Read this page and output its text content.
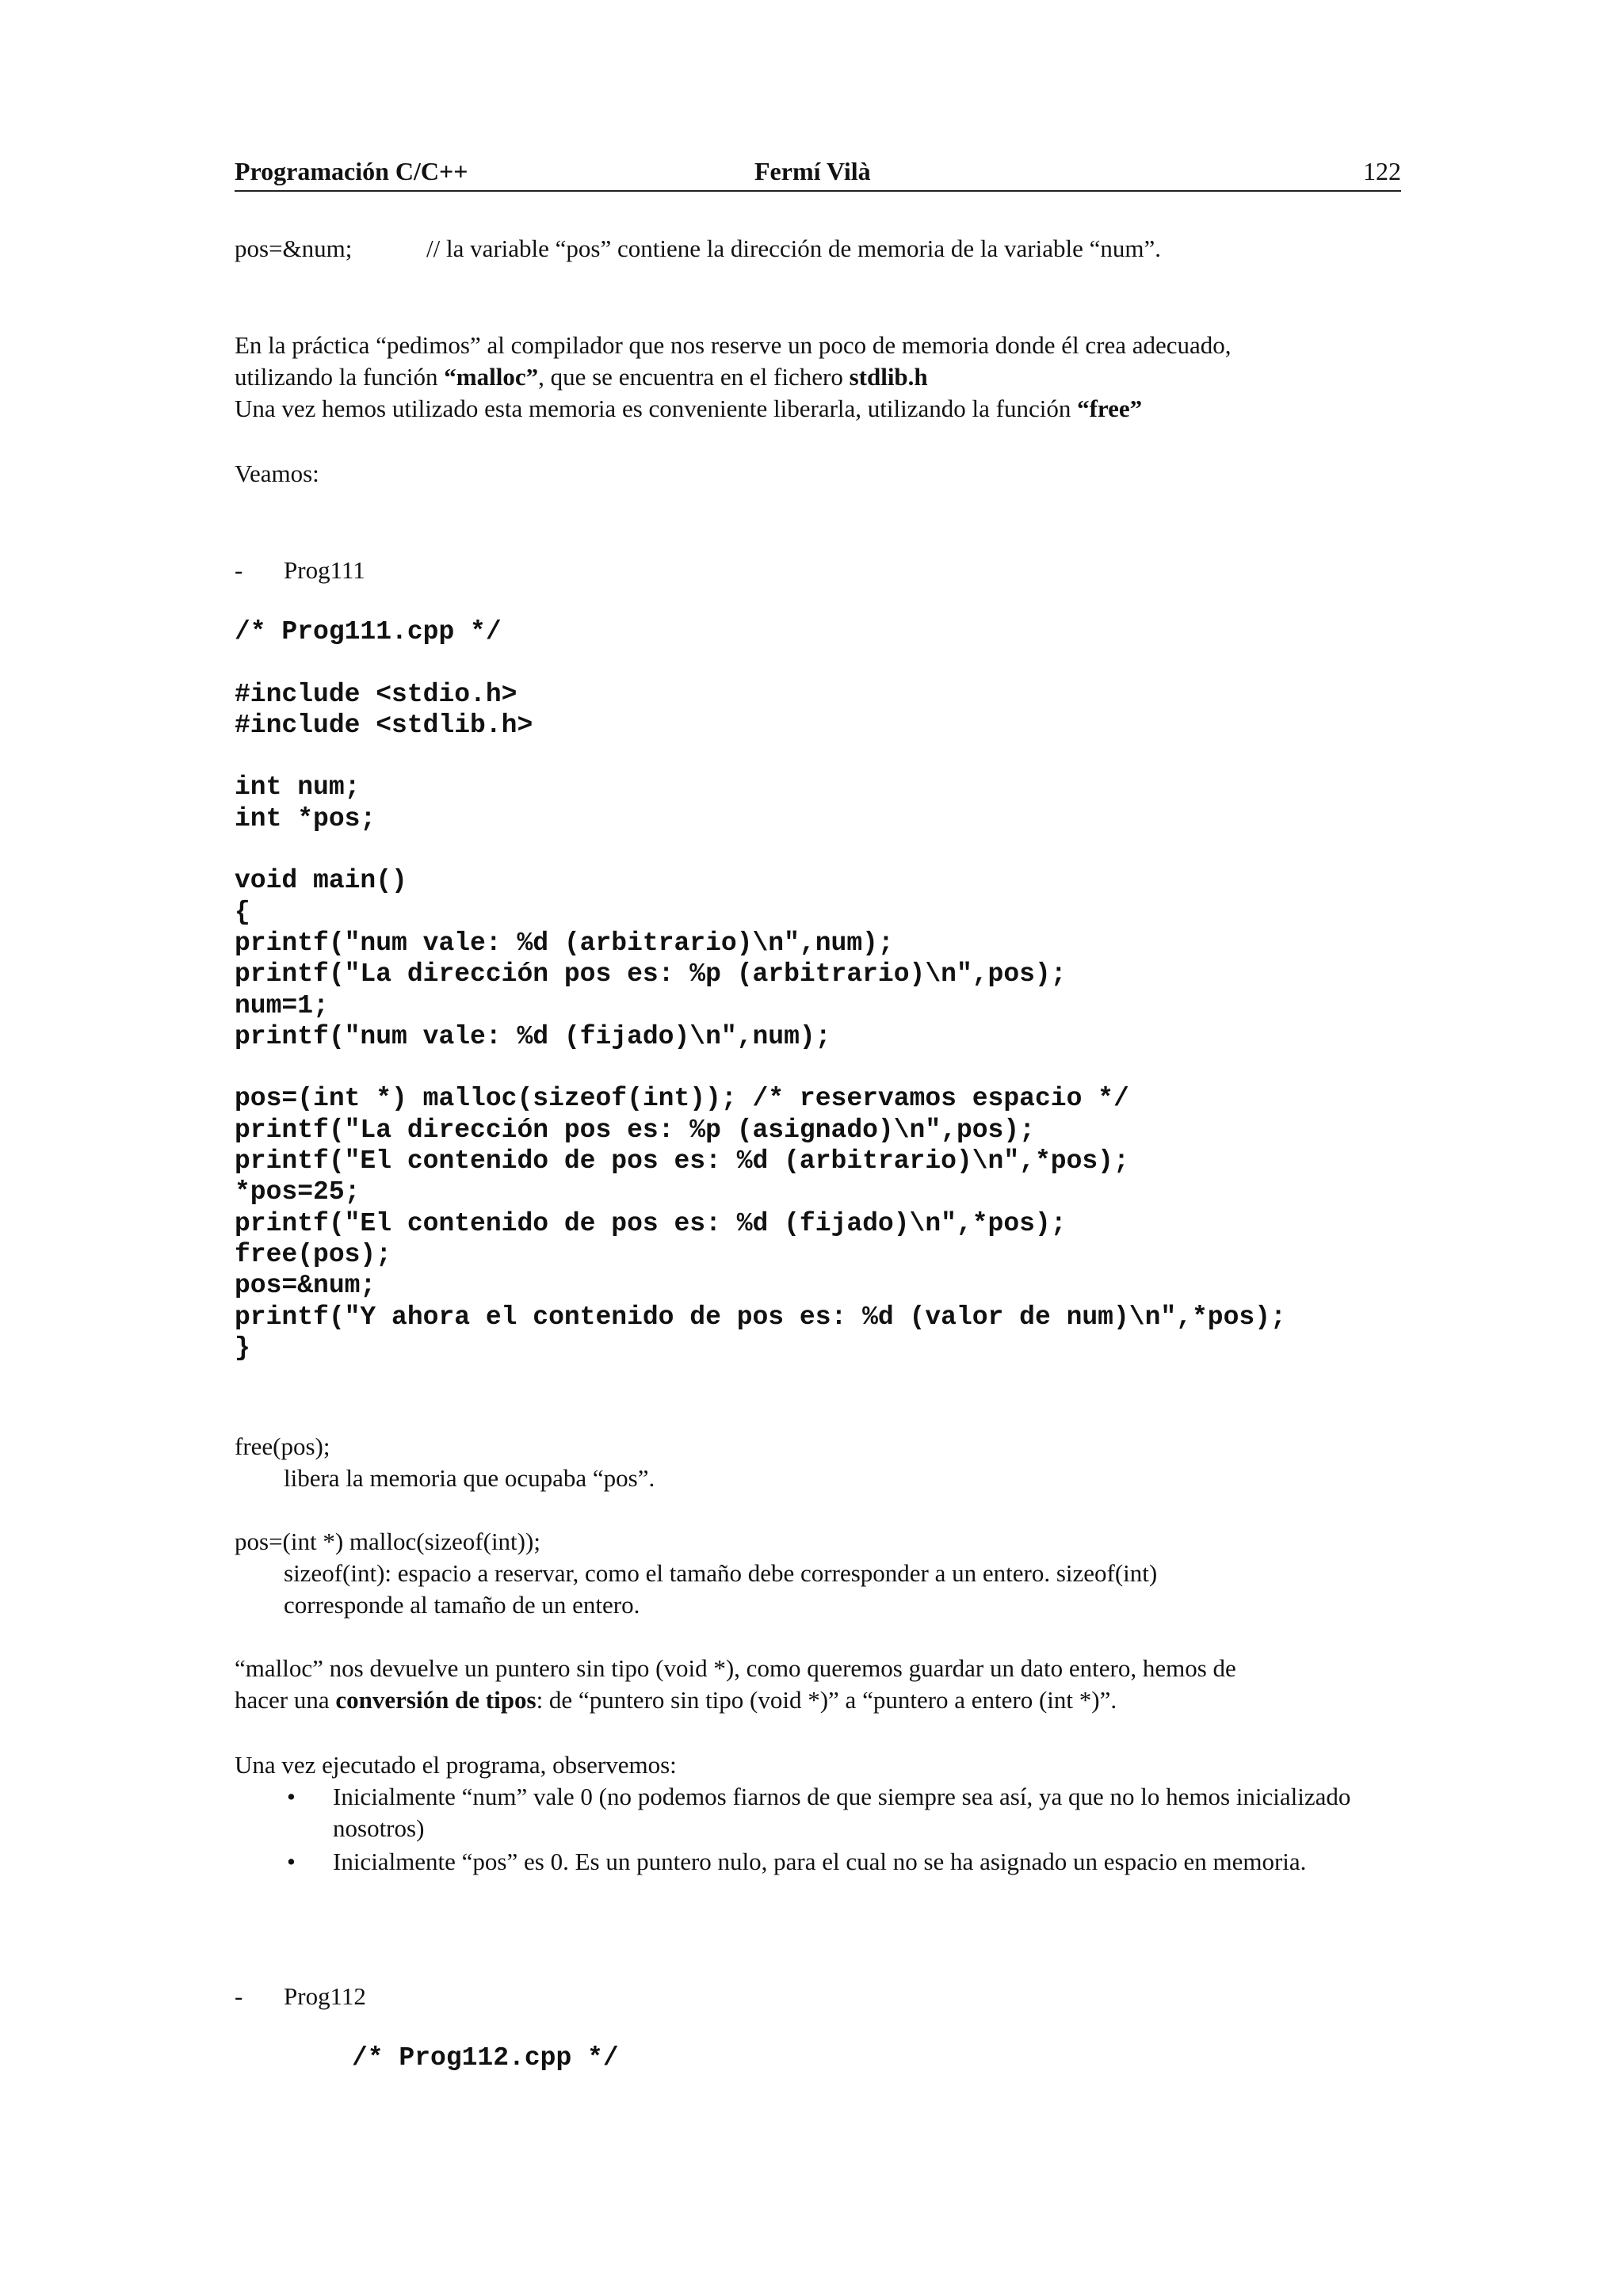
Programación C/C++	Fermí Vilà	122
pos=&num;	// la variable “pos” contiene la dirección de memoria de la variable “num”.
En la práctica “pedimos” al compilador que nos reserve un poco de memoria donde él crea adecuado,
utilizando la función “malloc”, que se encuentra en el fichero stdlib.h
Una vez hemos utilizado esta memoria es conveniente liberarla, utilizando la función “free”
Veamos:
- Prog111
/* Prog111.cpp */

#include <stdio.h>
#include <stdlib.h>

int num;
int *pos;

void main()
{
printf("num vale: %d (arbitrario)\n",num);
printf("La dirección pos es: %p (arbitrario)\n",pos);
num=1;
printf("num vale: %d (fijado)\n",num);

pos=(int *) malloc(sizeof(int)); /* reservamos espacio */
printf("La dirección pos es: %p (asignado)\n",pos);
printf("El contenido de pos es: %d (arbitrario)\n",*pos);
*pos=25;
printf("El contenido de pos es: %d (fijado)\n",*pos);
free(pos);
pos=&num;
printf("Y ahora el contenido de pos es: %d (valor de num)\n",*pos);
}
free(pos);
libera la memoria que ocupaba “pos”.
pos=(int *) malloc(sizeof(int));
sizeof(int): espacio a reservar, como el tamaño debe corresponder a un entero. sizeof(int)
corresponde al tamaño de un entero.
“malloc” nos devuelve un puntero sin tipo (void *), como queremos guardar un dato entero, hemos de
hacer una conversión de tipos: de “puntero sin tipo (void *)” a “puntero a entero (int *)”.
Una vez ejecutado el programa, observemos:
• Inicialmente “num” vale 0 (no podemos fiarnos de que siempre sea así, ya que no lo hemos inicializado nosotros)
• Inicialmente “pos” es 0. Es un puntero nulo, para el cual no se ha asignado un espacio en memoria.
- Prog112
/* Prog112.cpp */
